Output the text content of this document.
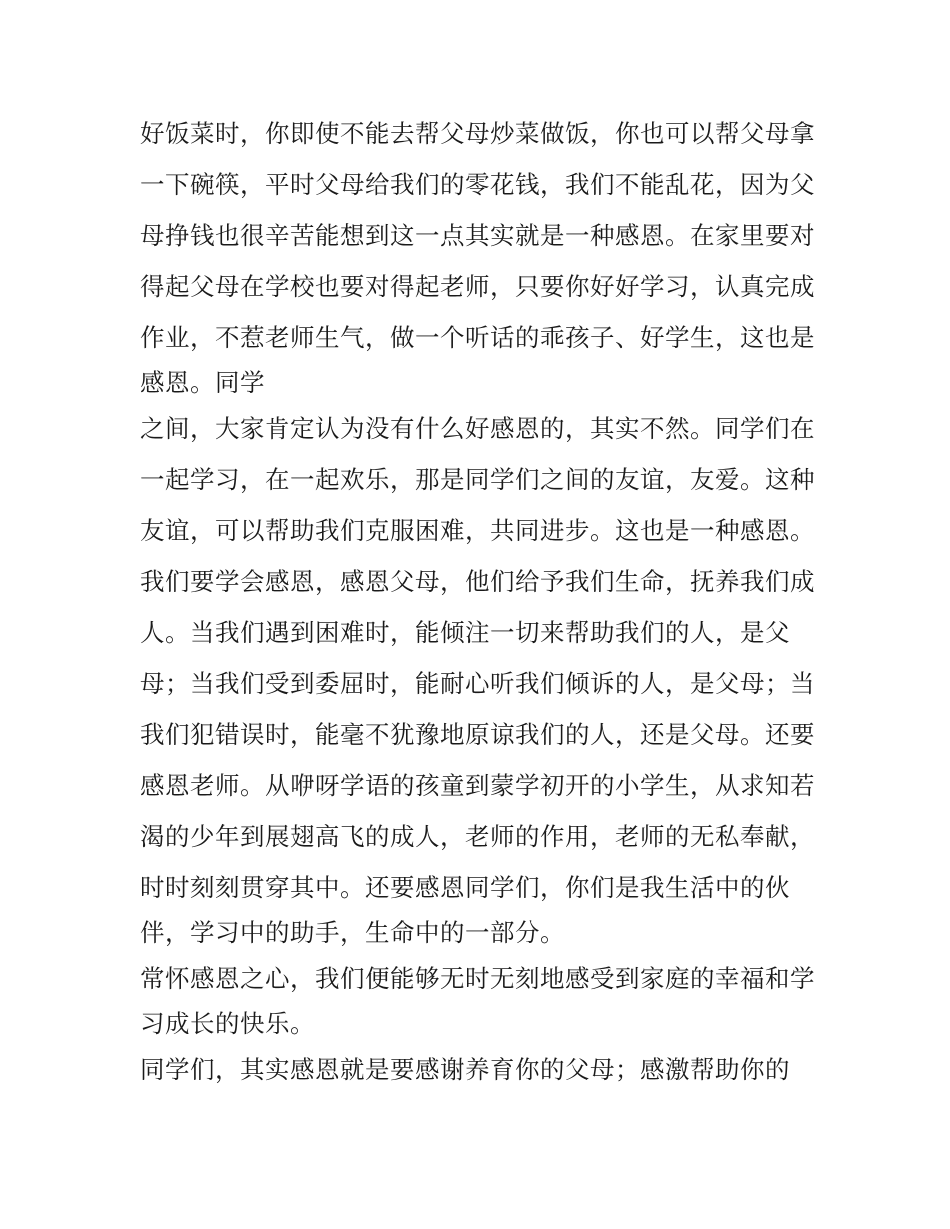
好饭菜时，你即使不能去帮父母炒菜做饭，你也可以帮父母拿
一下碗筷，平时父母给我们的零花钱，我们不能乱花，因为父
母挣钱也很辛苦能想到这一点其实就是一种感恩。在家里要对
得起父母在学校也要对得起老师，只要你好好学习，认真完成
作业，不惹老师生气，做一个听话的乖孩子、好学生，这也是
感恩。同学
之间，大家肯定认为没有什么好感恩的，其实不然。同学们在
一起学习，在一起欢乐，那是同学们之间的友谊，友爱。这种
友谊，可以帮助我们克服困难，共同进步。这也是一种感恩。
我们要学会感恩，感恩父母，他们给予我们生命，抚养我们成
人。当我们遇到困难时，能倾注一切来帮助我们的人，是父
母；当我们受到委屈时，能耐心听我们倾诉的人，是父母；当
我们犯错误时，能毫不犹豫地原谅我们的人，还是父母。还要
感恩老师。从咿呀学语的孩童到蒙学初开的小学生，从求知若
渴的少年到展翅高飞的成人，老师的作用，老师的无私奉献，
时时刻刻贯穿其中。还要感恩同学们，你们是我生活中的伙
伴，学习中的助手，生命中的一部分。
常怀感恩之心，我们便能够无时无刻地感受到家庭的幸福和学
习成长的快乐。
同学们，其实感恩就是要感谢养育你的父母；感激帮助你的
